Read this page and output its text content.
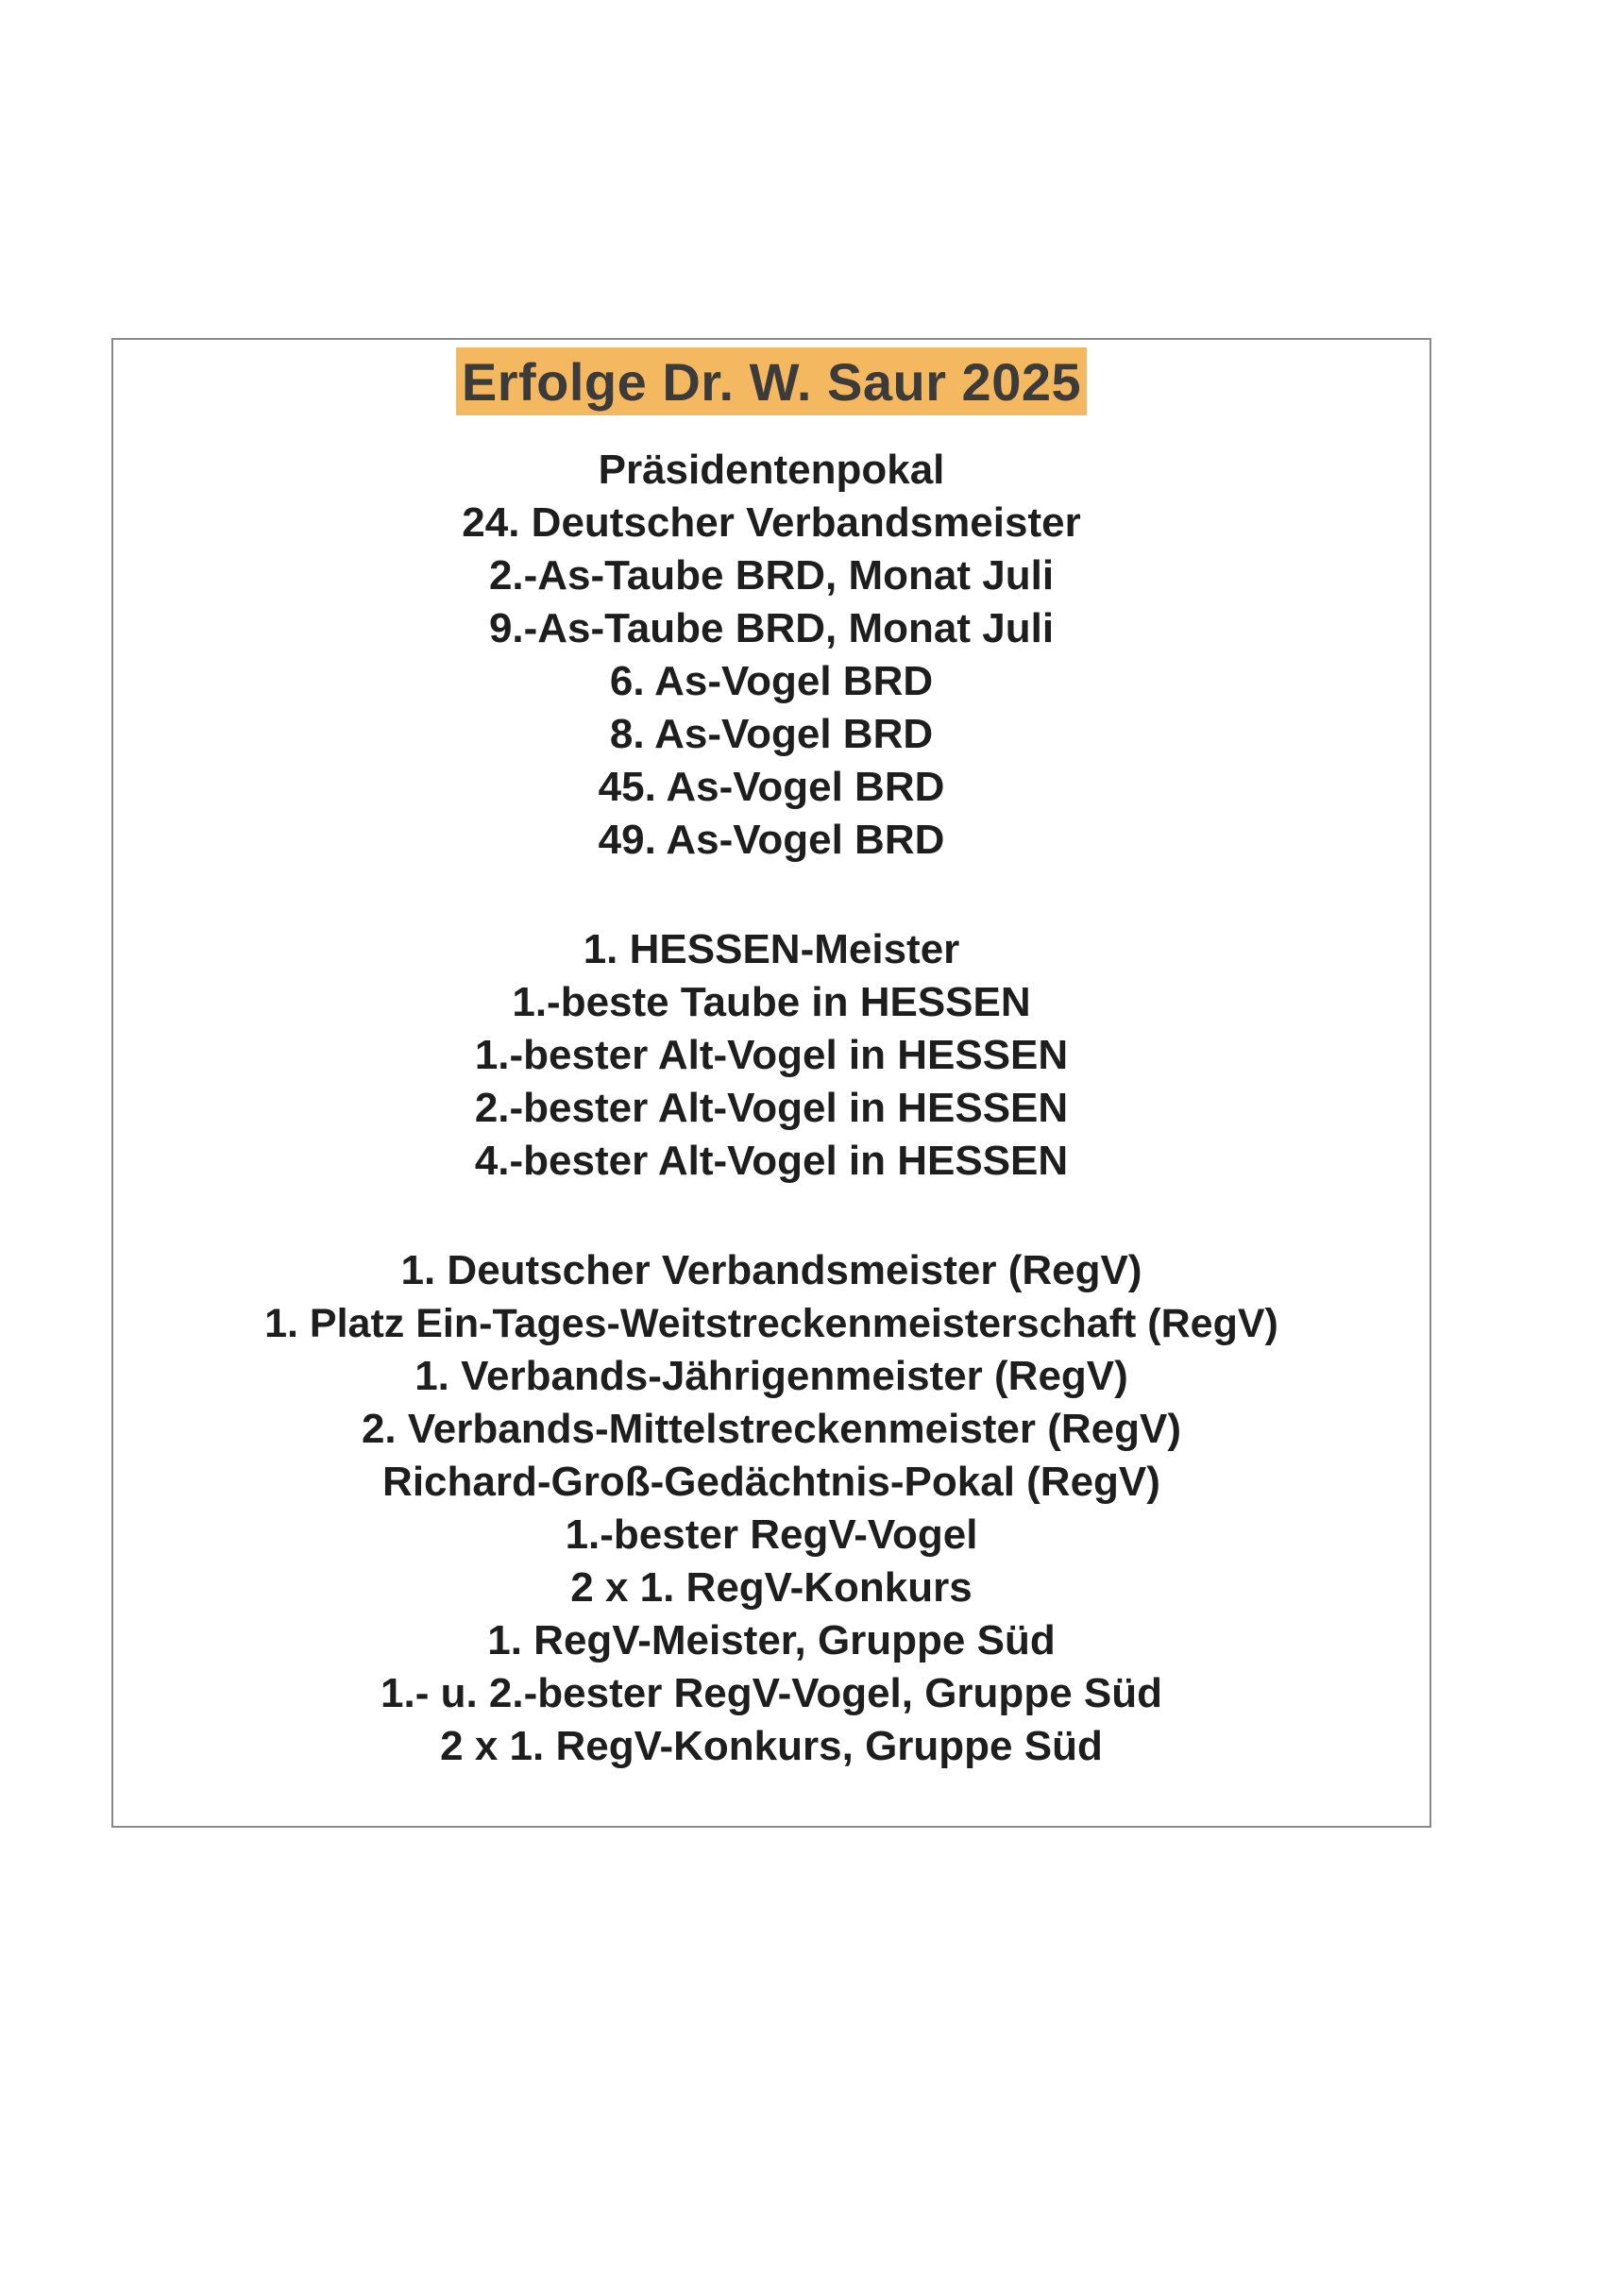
Erfolge Dr. W. Saur 2025
Präsidentenpokal
24. Deutscher Verbandsmeister
2.-As-Taube BRD, Monat Juli
9.-As-Taube BRD, Monat Juli
6. As-Vogel BRD
8. As-Vogel BRD
45. As-Vogel BRD
49. As-Vogel BRD
1. HESSEN-Meister
1.-beste Taube in HESSEN
1.-bester Alt-Vogel in HESSEN
2.-bester Alt-Vogel in HESSEN
4.-bester Alt-Vogel in HESSEN
1. Deutscher Verbandsmeister (RegV)
1. Platz Ein-Tages-Weitstreckenmeisterschaft (RegV)
1. Verbands-Jährigenmeister (RegV)
2. Verbands-Mittelstreckenmeister (RegV)
Richard-Groß-Gedächtnis-Pokal (RegV)
1.-bester RegV-Vogel
2 x 1. RegV-Konkurs
1. RegV-Meister, Gruppe Süd
1.- u. 2.-bester RegV-Vogel, Gruppe Süd
2 x 1. RegV-Konkurs, Gruppe Süd
